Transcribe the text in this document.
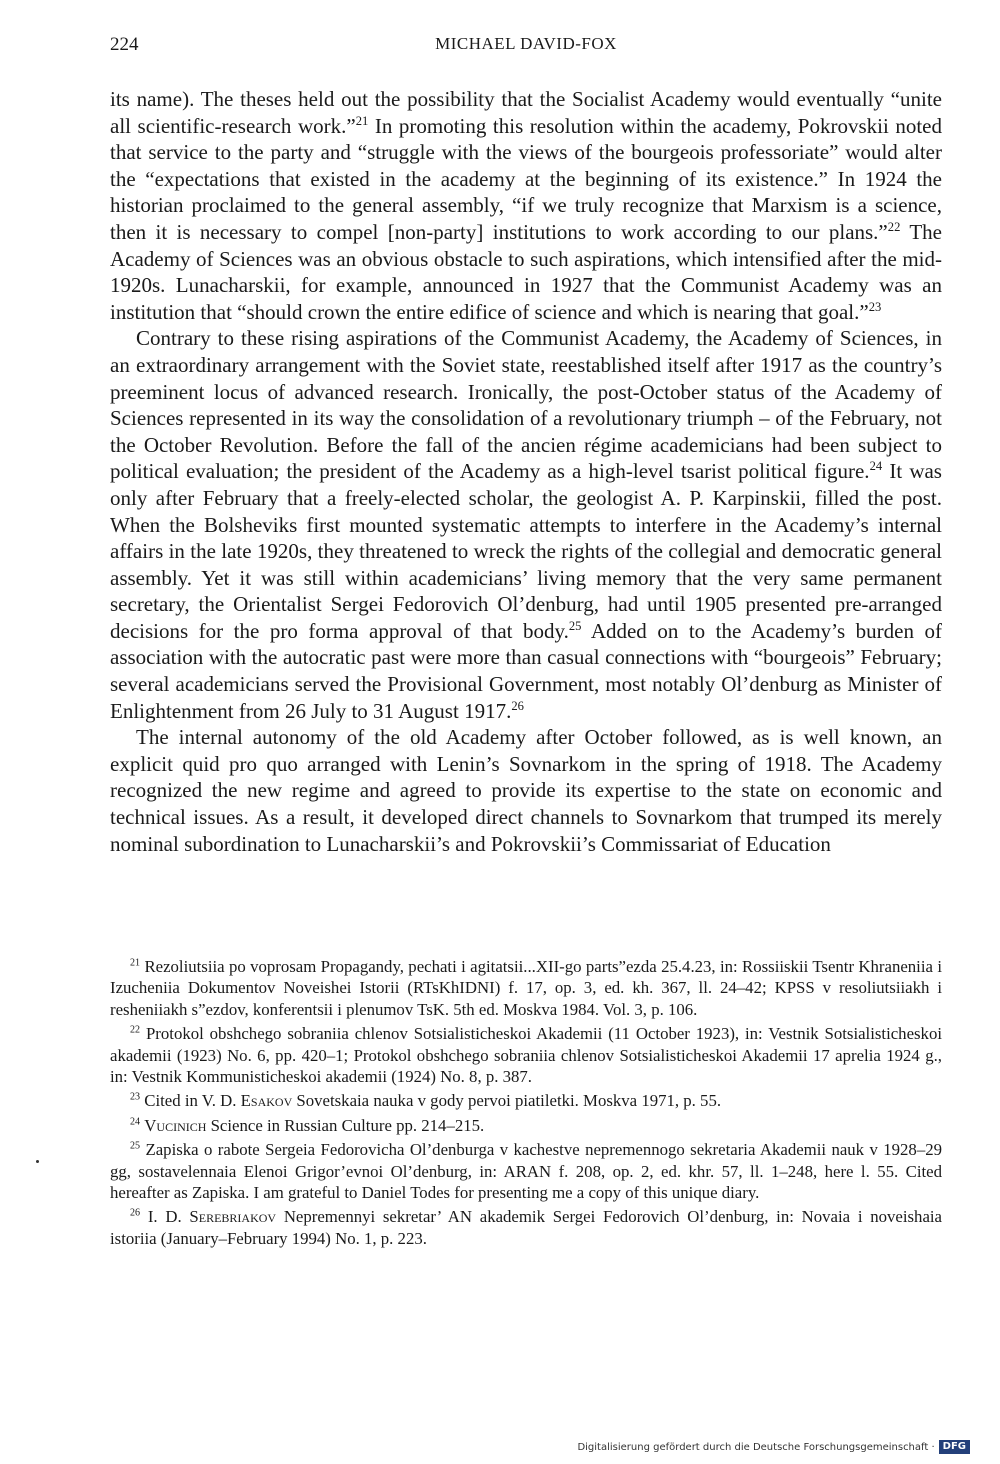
224	MICHAEL DAVID-FOX

its name). The theses held out the possibility that the Socialist Academy would eventually “unite all scientific-research work.”$^{21}$ In promoting this resolution within the academy, Pokrovskii noted that service to the party and “struggle with the views of the bourgeois professoriate” would alter the “expectations that existed in the academy at the beginning of its existence.” In 1924 the historian proclaimed to the general assembly, “if we truly recognize that Marxism is a science, then it is necessary to compel [non-party] institutions to work according to our plans.”$^{22}$ The Academy of Sciences was an obvious obstacle to such aspirations, which intensified after the mid-1920s. Lunacharskii, for example, announced in 1927 that the Communist Academy was an institution that “should crown the entire edifice of science and which is nearing that goal.”$^{23}$

Contrary to these rising aspirations of the Communist Academy, the Academy of Sciences, in an extraordinary arrangement with the Soviet state, reestablished itself after 1917 as the country’s preeminent locus of advanced research. Ironically, the post-October status of the Academy of Sciences represented in its way the consolidation of a revolutionary triumph – of the February, not the October Revolution. Before the fall of the ancien régime academicians had been subject to political evaluation; the president of the Academy as a high-level tsarist political figure.$^{24}$ It was only after February that a freely-elected scholar, the geologist A. P. Karpinskii, filled the post. When the Bolsheviks first mounted systematic attempts to interfere in the Academy’s internal affairs in the late 1920s, they threatened to wreck the rights of the collegial and democratic general assembly. Yet it was still within academicians’ living memory that the very same permanent secretary, the Orientalist Sergei Fedorovich Ol’denburg, had until 1905 presented pre-arranged decisions for the pro forma approval of that body.$^{25}$ Added on to the Academy’s burden of association with the autocratic past were more than casual connections with “bourgeois” February; several academicians served the Provisional Government, most notably Ol’denburg as Minister of Enlightenment from 26 July to 31 August 1917.26

The internal autonomy of the old Academy after October followed, as is well known, an explicit quid pro quo arranged with Lenin’s Sovnarkom in the spring of 1918. The Academy recognized the new regime and agreed to provide its expertise to the state on economic and technical issues. As a result, it developed direct channels to Sovnarkom that trumped its merely nominal subordination to Lunacharskii’s and Pokrovskii’s Commissariat of Education

$^{21}$ Rezoliutsiia po voprosam Propagandy, pechati i agitatsii...XII-go parts”ezda 25.4.23, in: Rossiiskii Tsentr Khraneniia i Izucheniia Dokumentov Noveishei Istorii (RTsKhIDNI) f. 17, op. 3, ed. kh. 367, ll. 24–42; KPSS v resoliutsiiakh i resheniiakh s”ezdov, konferentsii i plenumov TsK. 5th ed. Moskva 1984. Vol. 3, p. 106.

$^{22}$ Protokol obshchego sobraniia chlenov Sotsialisticheskoi Akademii (11 October 1923), in: Vestnik Sotsialisticheskoi akademii (1923) No. 6, pp. 420–1; Protokol obshchego sobraniia chlenov Sotsialisticheskoi Akademii 17 aprelia 1924 g., in: Vestnik Kommunisticheskoi akademii (1924) No. 8, p. 387.

$^{23}$ Cited in V. D. Esakov Sovetskaia nauka v gody pervoi piatiletki. Moskva 1971, p. 55.

$^{24}$ Vucinich Science in Russian Culture pp. 214–215.

$^{25}$ Zapiska o rabote Sergeia Fedorovicha Ol’denburga v kachestve nepremennogo sekretaria Akademii nauk v 1928–29 gg, sostavelennaia Elenoi Grigor’evnoi Ol’denburg, in: ARAN f. 208, op. 2, ed. khr. 57, ll. 1–248, here l. 55. Cited hereafter as Zapiska. I am grateful to Daniel Todes for presenting me a copy of this unique diary.

$^{26}$ I. D. Serebriakov Nepremennyi sekretar’ AN akademik Sergei Fedorovich Ol’denburg, in: Novaia i noveishaia istoriia (January–February 1994) No. 1, p. 223.

Digitalisierung gefördert durch die Deutsche Forschungsgemeinschaft · DFG
